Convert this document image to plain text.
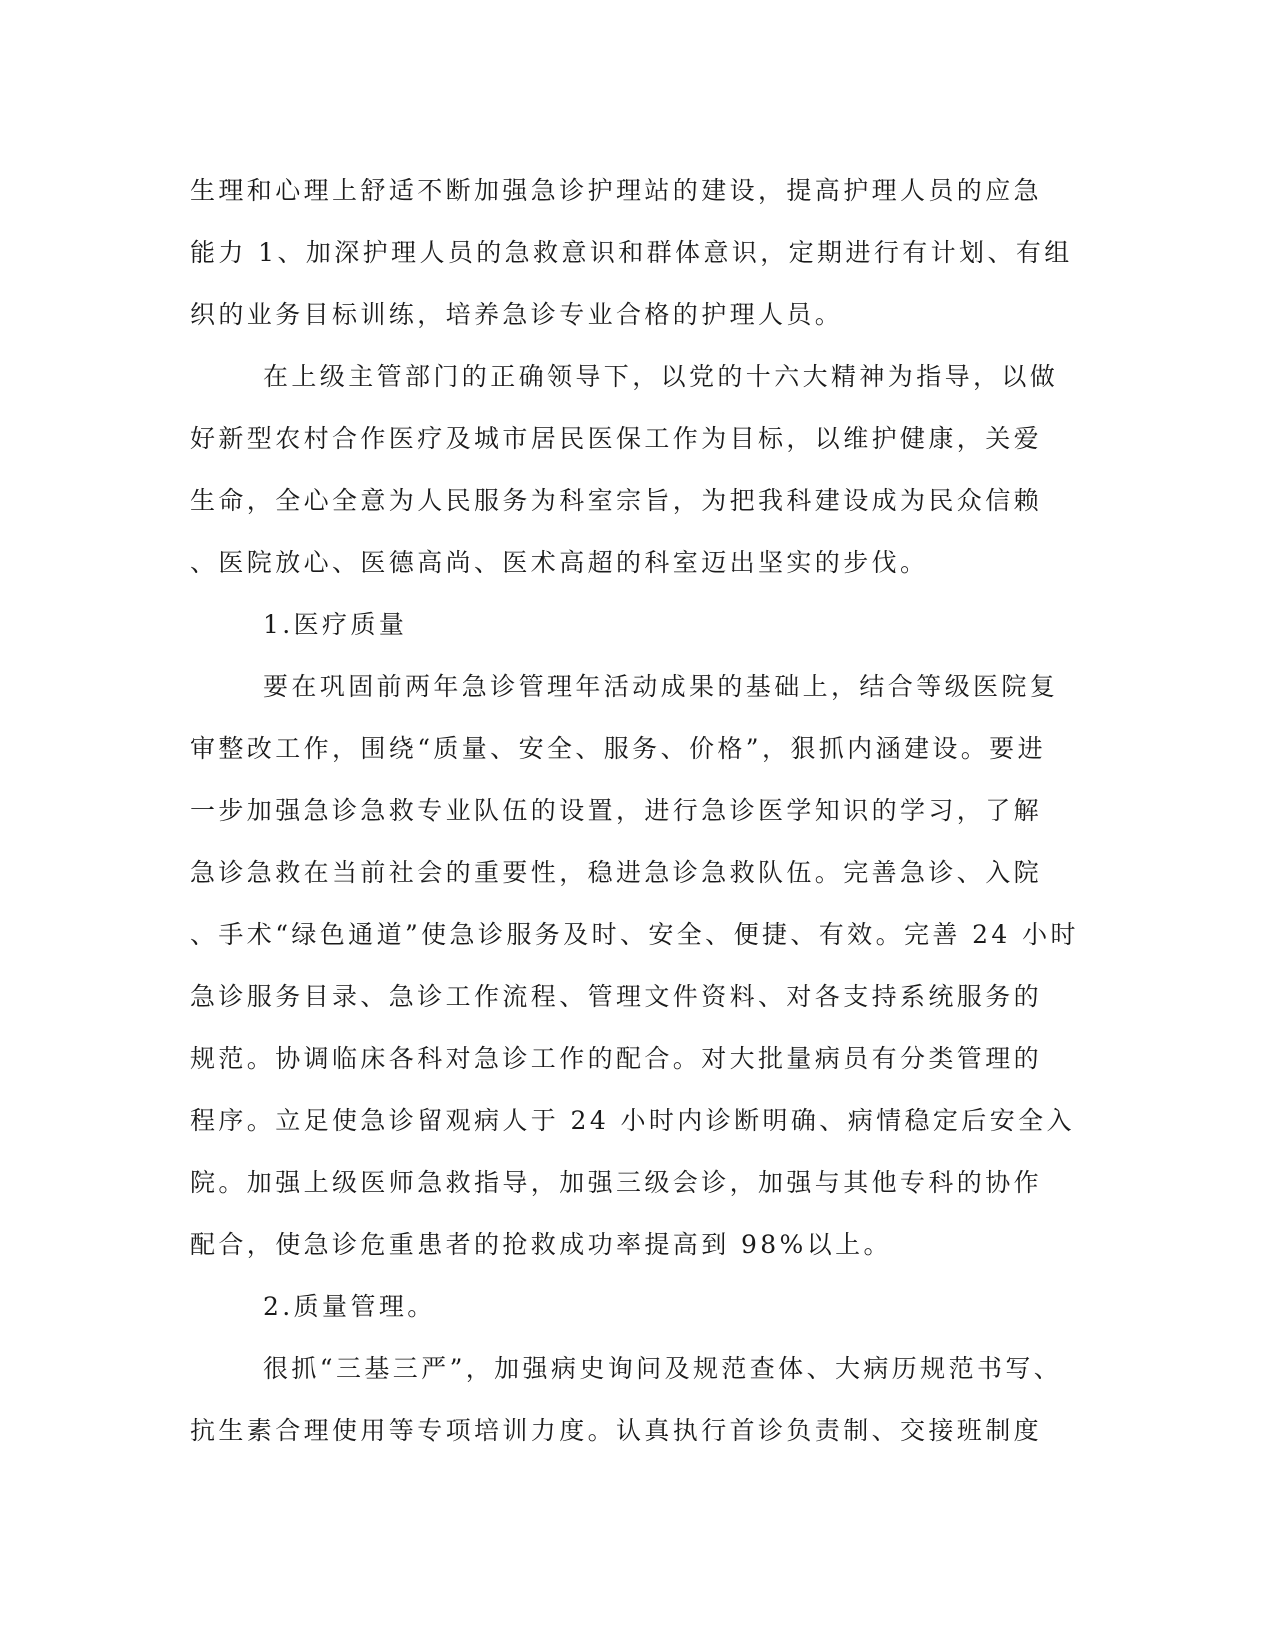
生理和心理上舒适不断加强急诊护理站的建设，提高护理人员的应急
能力 1、加深护理人员的急救意识和群体意识，定期进行有计划、有组
织的业务目标训练，培养急诊专业合格的护理人员。
在上级主管部门的正确领导下，以党的十六大精神为指导，以做
好新型农村合作医疗及城市居民医保工作为目标，以维护健康，关爱
生命，全心全意为人民服务为科室宗旨，为把我科建设成为民众信赖
、医院放心、医德高尚、医术高超的科室迈出坚实的步伐。
1.医疗质量
要在巩固前两年急诊管理年活动成果的基础上，结合等级医院复
审整改工作，围绕“质量、安全、服务、价格”，狠抓内涵建设。要进
一步加强急诊急救专业队伍的设置，进行急诊医学知识的学习，了解
急诊急救在当前社会的重要性，稳进急诊急救队伍。完善急诊、入院
、手术“绿色通道”使急诊服务及时、安全、便捷、有效。完善 24 小时
急诊服务目录、急诊工作流程、管理文件资料、对各支持系统服务的
规范。协调临床各科对急诊工作的配合。对大批量病员有分类管理的
程序。立足使急诊留观病人于 24 小时内诊断明确、病情稳定后安全入
院。加强上级医师急救指导，加强三级会诊，加强与其他专科的协作
配合，使急诊危重患者的抢救成功率提高到 98%以上。
2.质量管理。
很抓“三基三严”，加强病史询问及规范查体、大病历规范书写、
抗生素合理使用等专项培训力度。认真执行首诊负责制、交接班制度
